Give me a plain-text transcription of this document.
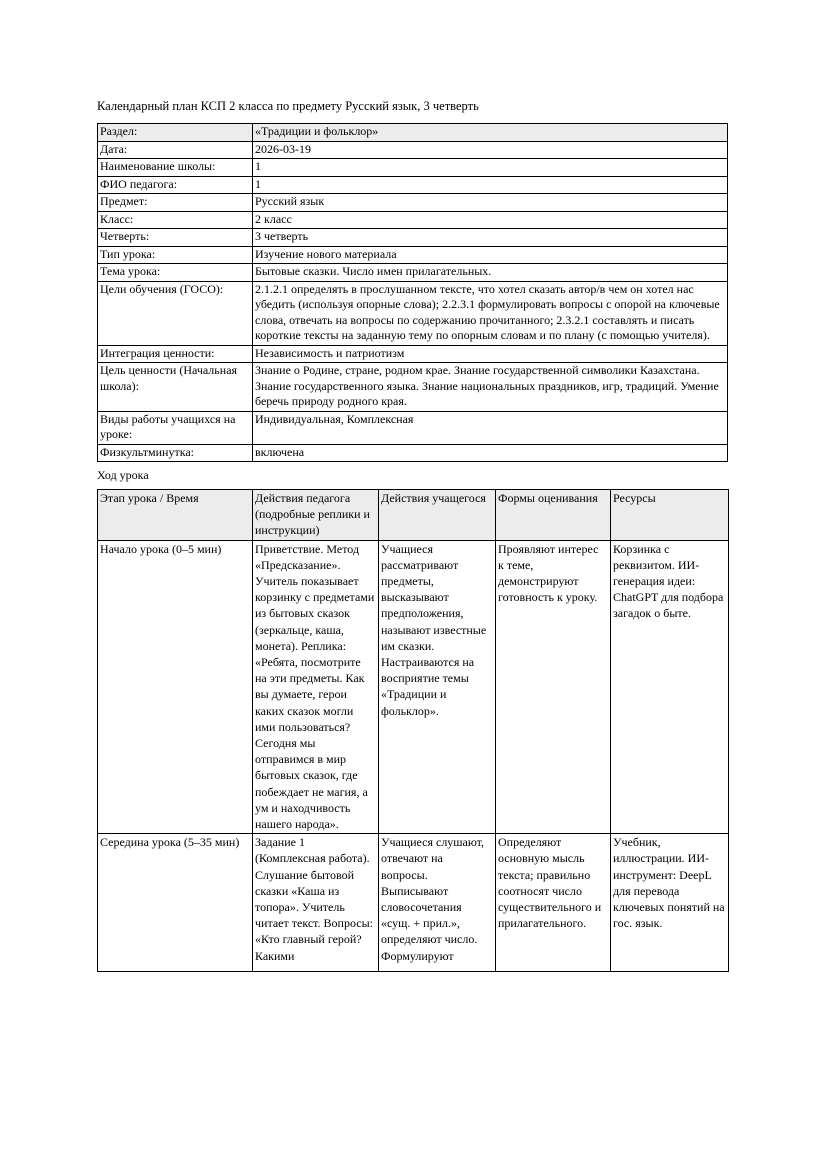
Календарный план КСП 2 класса по предмету Русский язык, 3 четверть
Раздел:	«Традиции и фольклор»
Дата:	2026-03-19
Наименование школы:	1
ФИО педагога:	1
Предмет:	Русский язык
Класс:	2 класс
Четверть:	3 четверть
Тип урока:	Изучение нового материала
Тема урока:	Бытовые сказки. Число имен прилагательных.
Цели обучения (ГОСО):	2.1.2.1 определять в прослушанном тексте, что хотел сказать автор/в чем он хотел нас убедить (используя опорные слова); 2.2.3.1 формулировать вопросы с опорой на ключевые слова, отвечать на вопросы по содержанию прочитанного; 2.3.2.1 составлять и писать короткие тексты на заданную тему по опорным словам и по плану (с помощью учителя).
Интеграция ценности:	Независимость и патриотизм
Цель ценности (Начальная школа):	Знание о Родине, стране, родном крае. Знание государственной символики Казахстана. Знание государственного языка. Знание национальных праздников, игр, традиций. Умение беречь природу родного края.
Виды работы учащихся на уроке:	Индивидуальная, Комплексная
Физкультминутка:	включена
Ход урока
Этап урока / Время	Действия педагога (подробные реплики и инструкции)	Действия учащегося	Формы оценивания	Ресурсы
Начало урока (0–5 мин)	Приветствие. Метод «Предсказание». Учитель показывает корзинку с предметами из бытовых сказок (зеркальце, каша, монета). Реплика: «Ребята, посмотрите на эти предметы. Как вы думаете, герои каких сказок могли ими пользоваться? Сегодня мы отправимся в мир бытовых сказок, где побеждает не магия, а ум и находчивость нашего народа».	Учащиеся рассматривают предметы, высказывают предположения, называют известные им сказки. Настраиваются на восприятие темы «Традиции и фольклор».	Проявляют интерес к теме, демонстрируют готовность к уроку.	Корзинка с реквизитом. ИИ-генерация идеи: ChatGPT для подбора загадок о быте.

Середина урока (5–35 мин)	Задание 1 (Комплексная работа). Слушание бытовой сказки «Каша из топора». Учитель читает текст. Вопросы: «Кто главный герой? Какими	Учащиеся слушают, отвечают на вопросы. Выписывают словосочетания «сущ. + прил.», определяют число. Формулируют	Определяют основную мысль текста; правильно соотносят число существительного и прилагательного.	Учебник, иллюстрации. ИИ-инструмент: DeepL для перевода ключевых понятий на гос. язык.
